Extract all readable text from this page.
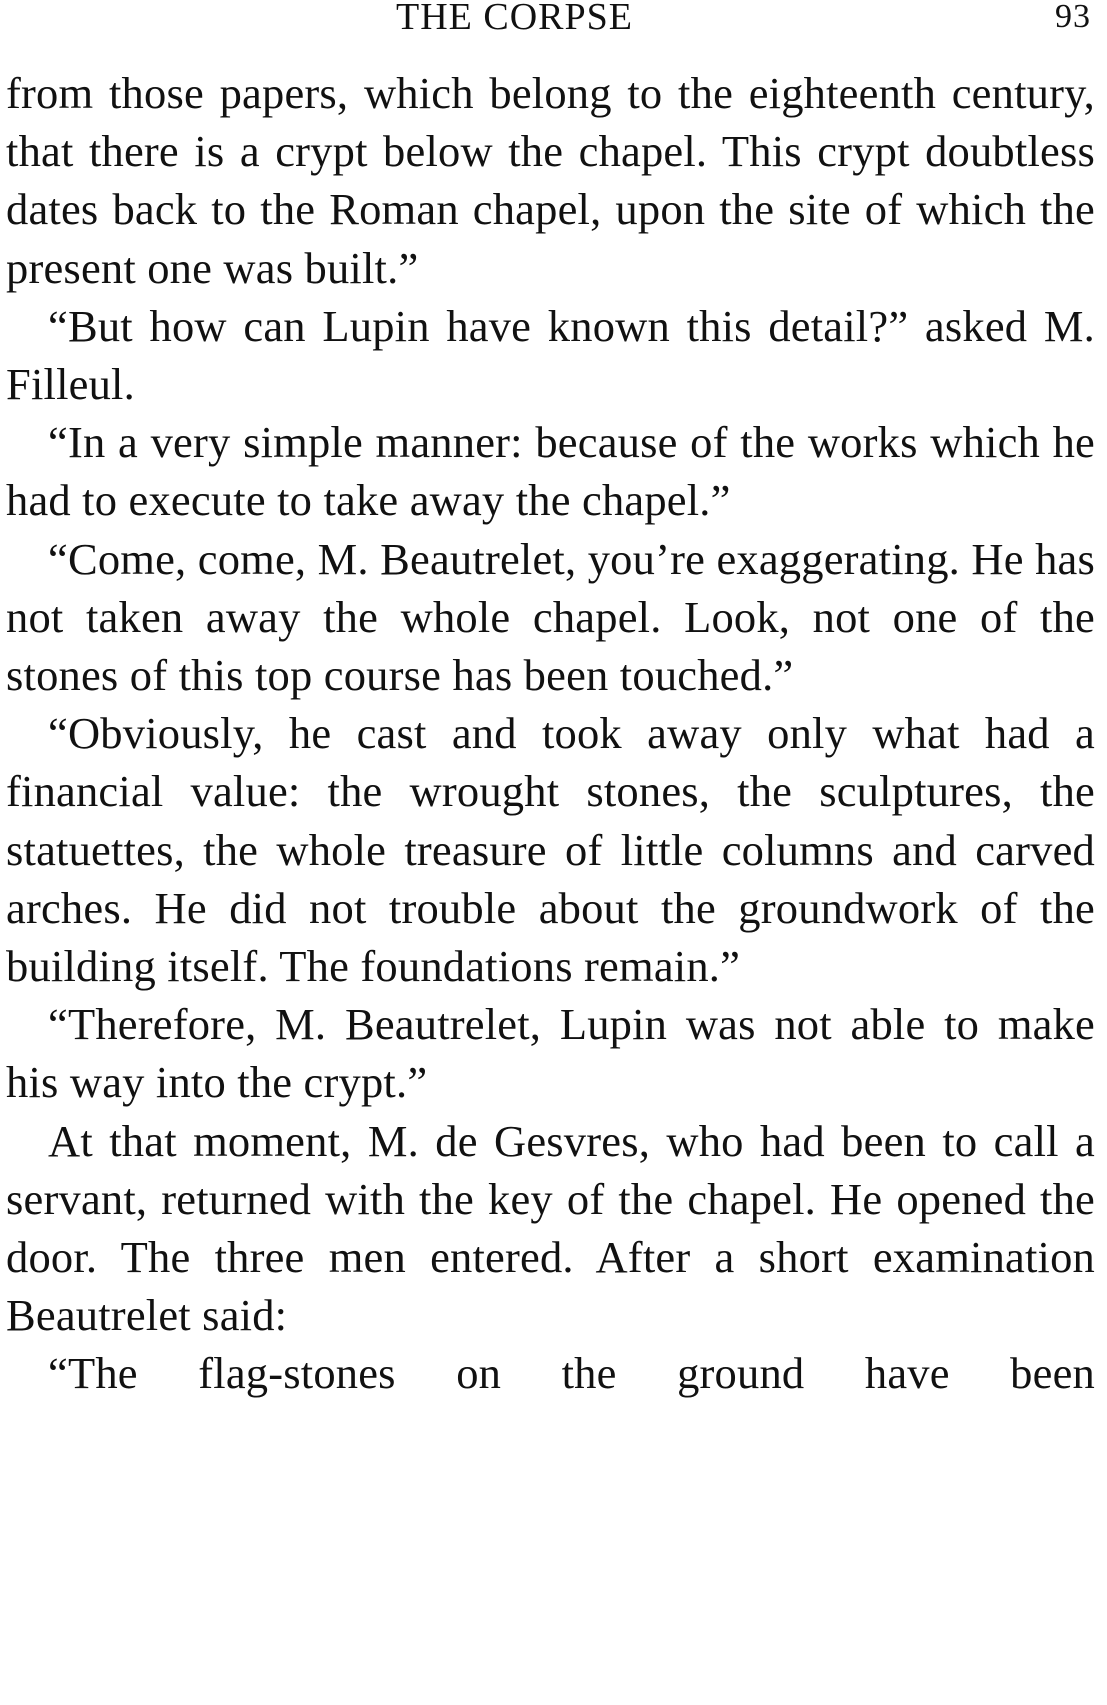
THE CORPSE	93

from those papers, which belong to the eighteenth century, that there is a crypt below the chapel. This crypt doubtless dates back to the Roman chapel, upon the site of which the present one was built.”

“But how can Lupin have known this detail?” asked M. Filleul.

“In a very simple manner: because of the works which he had to execute to take away the chapel.”

“Come, come, M. Beautrelet, you’re exaggerating. He has not taken away the whole chapel. Look, not one of the stones of this top course has been touched.”

“Obviously, he cast and took away only what had a financial value: the wrought stones, the sculptures, the statuettes, the whole treasure of little columns and carved arches. He did not trouble about the groundwork of the building itself. The foundations remain.”

“Therefore, M. Beautrelet, Lupin was not able to make his way into the crypt.”

At that moment, M. de Gesvres, who had been to call a servant, returned with the key of the chapel. He opened the door. The three men entered. After a short examination Beautrelet said:

“The flag-stones on the ground have been
